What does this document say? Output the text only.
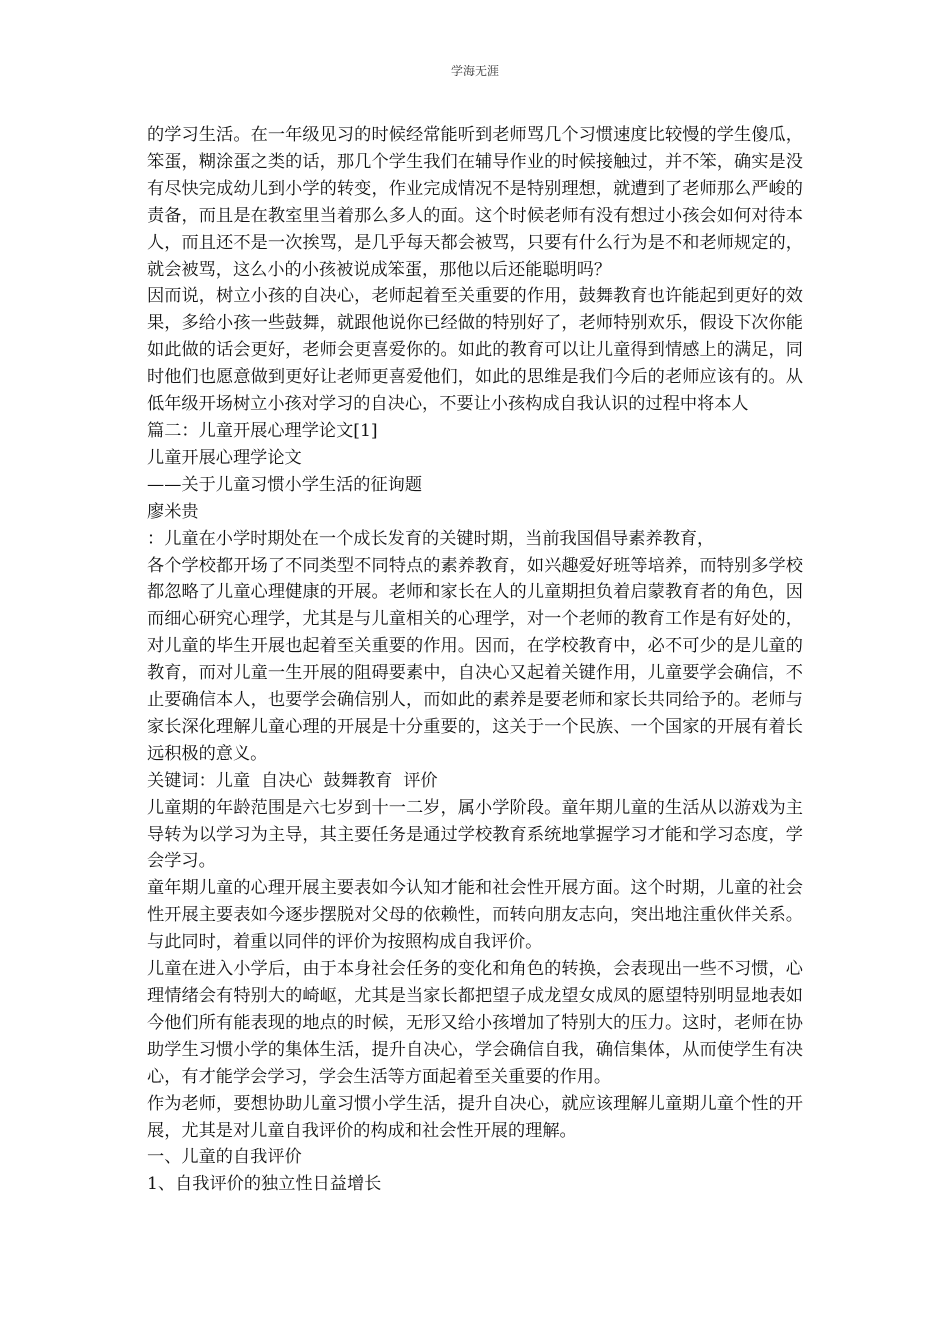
学海无涯

的学习生活。在一年级见习的时候经常能听到老师骂几个习惯速度比较慢的学生傻瓜，笨蛋，糊涂蛋之类的话，那几个学生我们在辅导作业的时候接触过，并不笨，确实是没有尽快完成幼儿到小学的转变，作业完成情况不是特别理想，就遭到了老师那么严峻的责备，而且是在教室里当着那么多人的面。这个时候老师有没有想过小孩会如何对待本人，而且还不是一次挨骂，是几乎每天都会被骂，只要有什么行为是不和老师规定的，就会被骂，这么小的小孩被说成笨蛋，那他以后还能聪明吗？

因而说，树立小孩的自决心，老师起着至关重要的作用，鼓舞教育也许能起到更好的效果，多给小孩一些鼓舞，就跟他说你已经做的特别好了，老师特别欢乐，假设下次你能如此做的话会更好，老师会更喜爱你的。如此的教育可以让儿童得到情感上的满足，同时他们也愿意做到更好让老师更喜爱他们，如此的思维是我们今后的老师应该有的。从低年级开场树立小孩对学习的自决心，不要让小孩构成自我认识的过程中将本人

篇二：儿童开展心理学论文[1]

儿童开展心理学论文

——关于儿童习惯小学生活的征询题

廖米贵

：儿童在小学时期处在一个成长发育的关键时期，当前我国倡导素养教育，

各个学校都开场了不同类型不同特点的素养教育，如兴趣爱好班等培养，而特别多学校都忽略了儿童心理健康的开展。老师和家长在人的儿童期担负着启蒙教育者的角色，因而细心研究心理学，尤其是与儿童相关的心理学，对一个老师的教育工作是有好处的，对儿童的毕生开展也起着至关重要的作用。因而，在学校教育中，必不可少的是儿童的教育，而对儿童一生开展的阻碍要素中，自决心又起着关键作用，儿童要学会确信，不止要确信本人，也要学会确信别人，而如此的素养是要老师和家长共同给予的。老师与家长深化理解儿童心理的开展是十分重要的，这关于一个民族、一个国家的开展有着长远积极的意义。

关键词：儿童  自决心  鼓舞教育  评价

儿童期的年龄范围是六七岁到十一二岁，属小学阶段。童年期儿童的生活从以游戏为主导转为以学习为主导，其主要任务是通过学校教育系统地掌握学习才能和学习态度，学会学习。

童年期儿童的心理开展主要表如今认知才能和社会性开展方面。这个时期，儿童的社会性开展主要表如今逐步摆脱对父母的依赖性，而转向朋友志向，突出地注重伙伴关系。与此同时，着重以同伴的评价为按照构成自我评价。

儿童在进入小学后，由于本身社会任务的变化和角色的转换，会表现出一些不习惯，心理情绪会有特别大的崎岖，尤其是当家长都把望子成龙望女成凤的愿望特别明显地表如今他们所有能表现的地点的时候，无形又给小孩增加了特别大的压力。这时，老师在协助学生习惯小学的集体生活，提升自决心，学会确信自我，确信集体，从而使学生有决心，有才能学会学习，学会生活等方面起着至关重要的作用。

作为老师，要想协助儿童习惯小学生活，提升自决心，就应该理解儿童期儿童个性的开展，尤其是对儿童自我评价的构成和社会性开展的理解。

一、儿童的自我评价

1、自我评价的独立性日益增长
